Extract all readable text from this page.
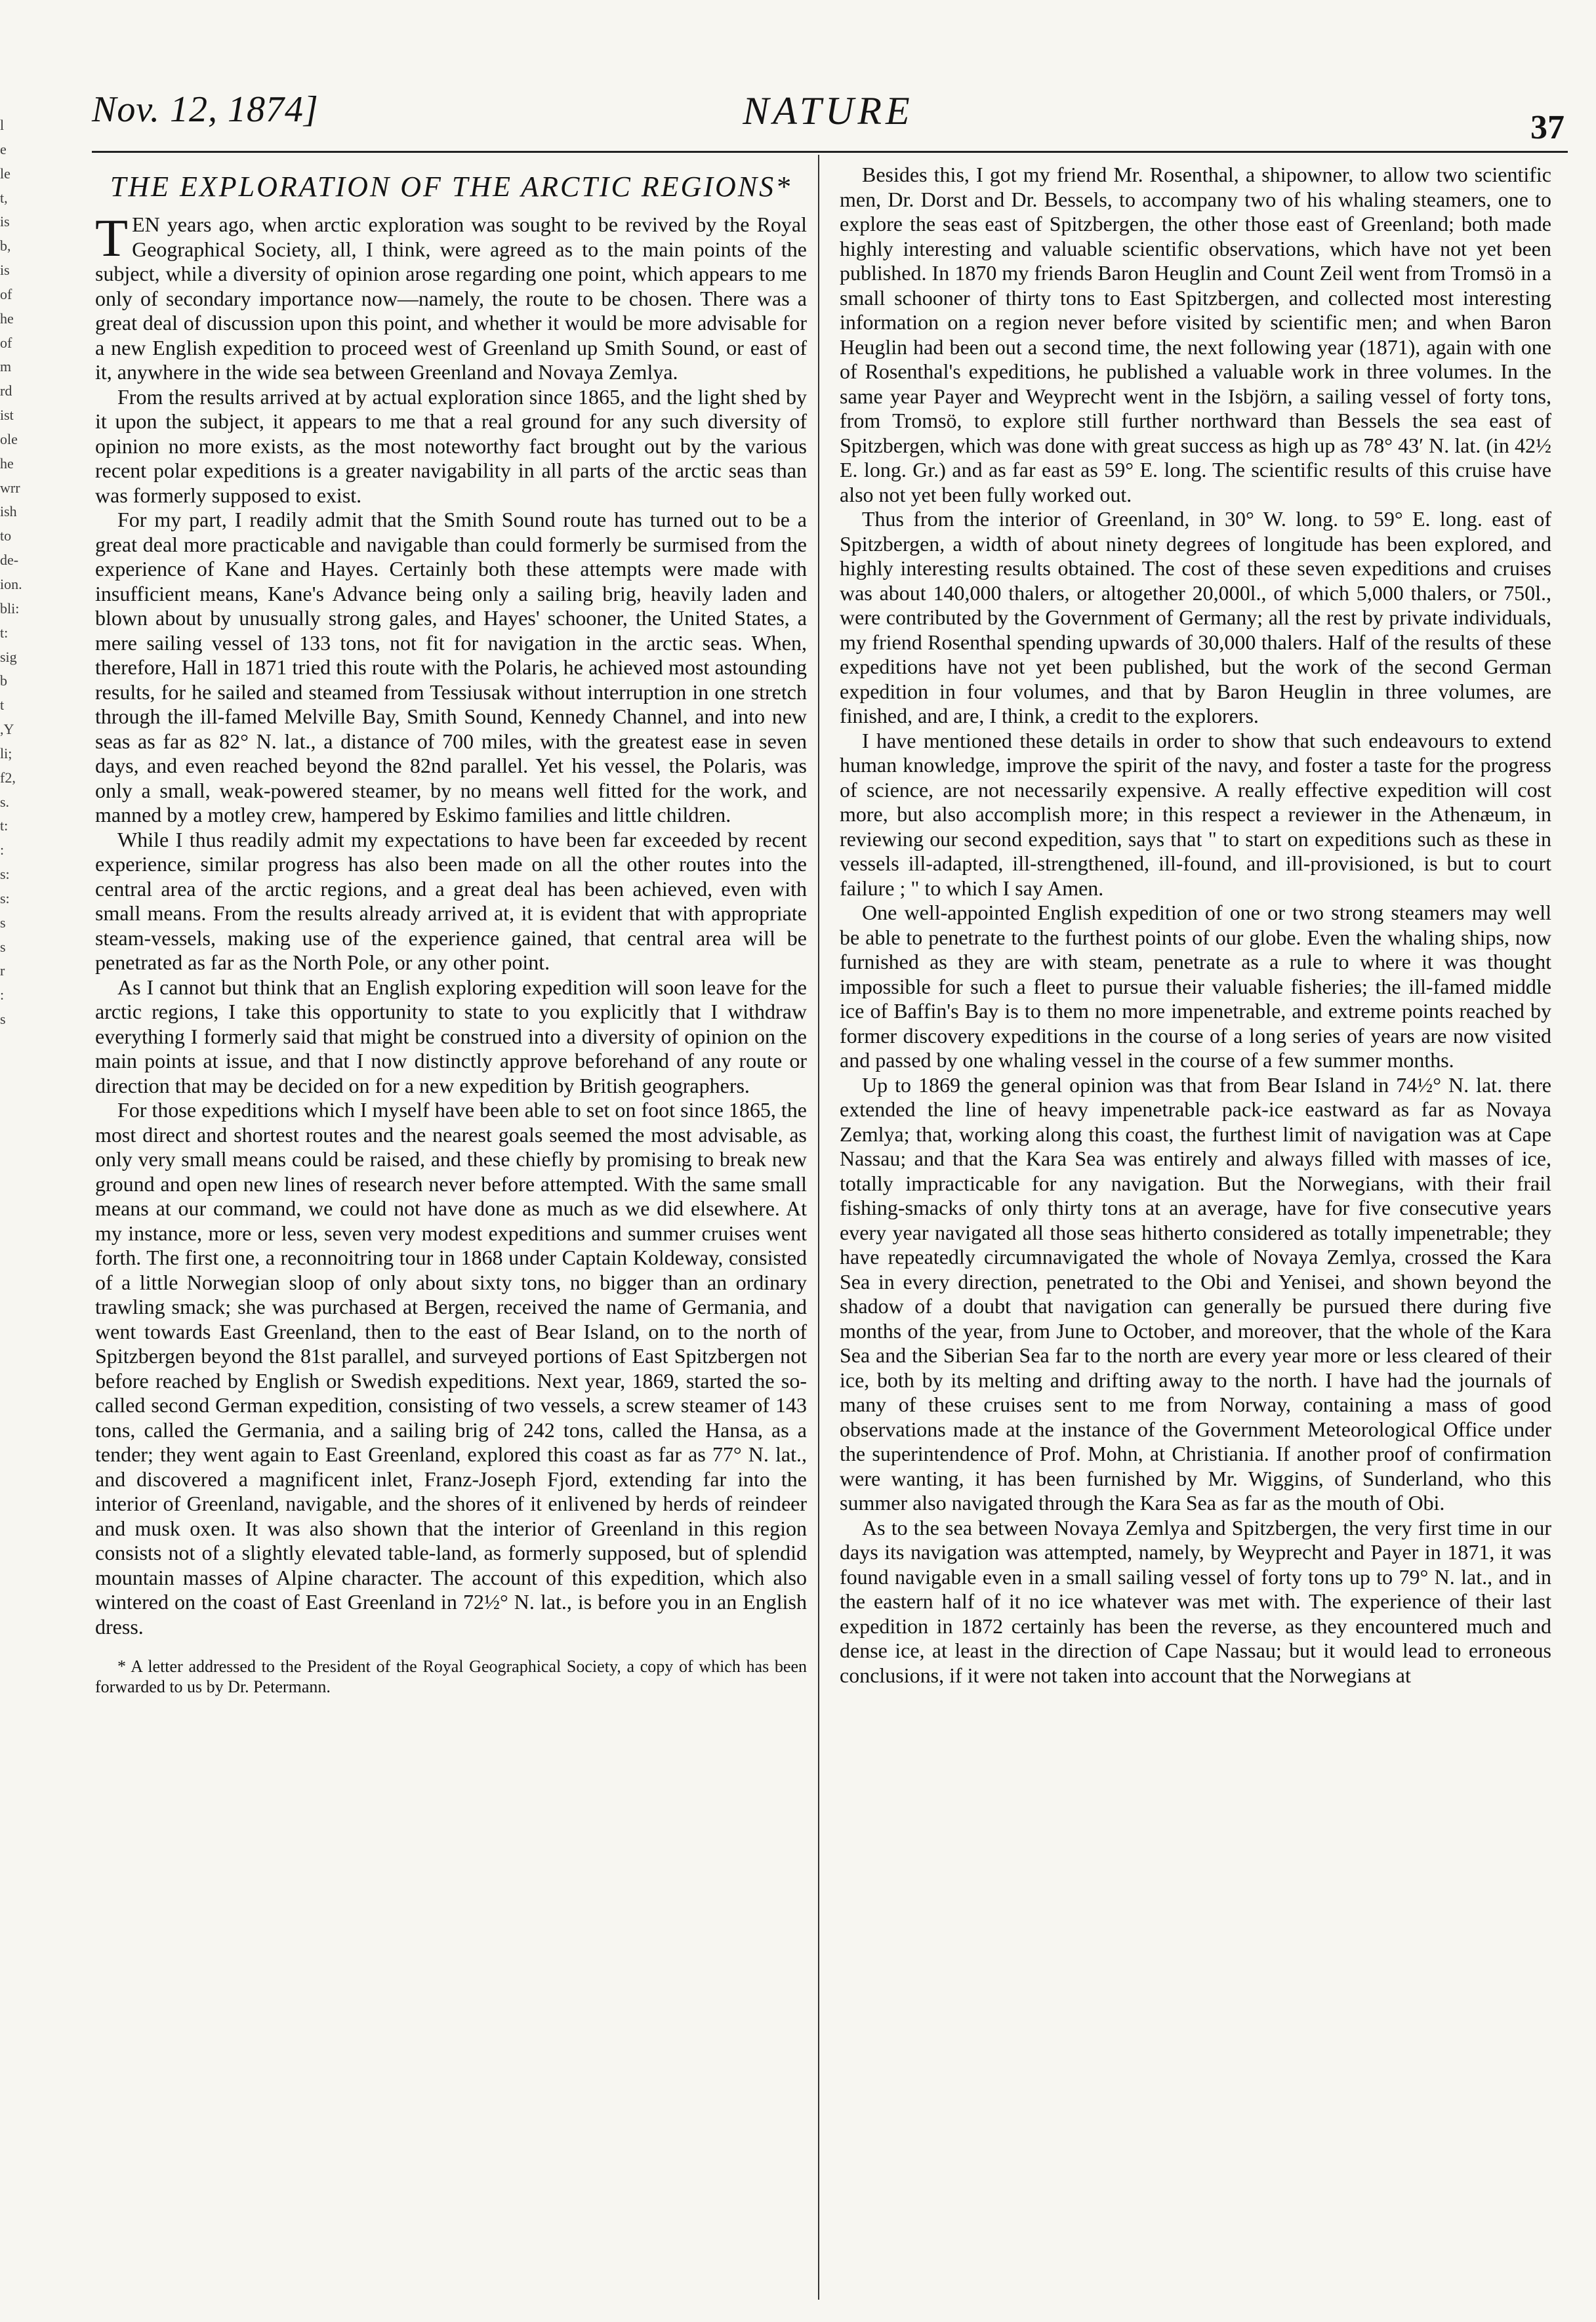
l
e
le
t,
is
b,
is
of
he
of
m
rd
ist
ole
he
wrr
ish
to
de-
ion.
bli:
t:
sig
b
t
,Y
li;
f2,
s.
t:
:
s:
s:
s
s
r
:
s
NATURE
Nov. 12, 1874]	37
THE EXPLORATION OF THE ARCTIC REGIONS*

TEN years ago, when arctic exploration was sought to be revived by the Royal Geographical Society, all, I think, were agreed as to the main points of the subject, while a diversity of opinion arose regarding one point, which appears to me only of secondary importance now—namely, the route to be chosen. There was a great deal of discussion upon this point, and whether it would be more advisable for a new English expedition to proceed west of Greenland up Smith Sound, or east of it, anywhere in the wide sea between Greenland and Novaya Zemlya.

From the results arrived at by actual exploration since 1865, and the light shed by it upon the subject, it appears to me that a real ground for any such diversity of opinion no more exists, as the most noteworthy fact brought out by the various recent polar expeditions is a greater navigability in all parts of the arctic seas than was formerly supposed to exist.

For my part, I readily admit that the Smith Sound route has turned out to be a great deal more practicable and navigable than could formerly be surmised from the experience of Kane and Hayes. Certainly both these attempts were made with insufficient means, Kane's Advance being only a sailing brig, heavily laden and blown about by unusually strong gales, and Hayes' schooner, the United States, a mere sailing vessel of 133 tons, not fit for navigation in the arctic seas. When, therefore, Hall in 1871 tried this route with the Polaris, he achieved most astounding results, for he sailed and steamed from Tessiusak without interruption in one stretch through the ill-famed Melville Bay, Smith Sound, Kennedy Channel, and into new seas as far as 82° N. lat., a distance of 700 miles, with the greatest ease in seven days, and even reached beyond the 82nd parallel. Yet his vessel, the Polaris, was only a small, weak-powered steamer, by no means well fitted for the work, and manned by a motley crew, hampered by Eskimo families and little children.

While I thus readily admit my expectations to have been far exceeded by recent experience, similar progress has also been made on all the other routes into the central area of the arctic regions, and a great deal has been achieved, even with small means. From the results already arrived at, it is evident that with appropriate steam-vessels, making use of the experience gained, that central area will be penetrated as far as the North Pole, or any other point.

As I cannot but think that an English exploring expedition will soon leave for the arctic regions, I take this opportunity to state to you explicitly that I withdraw everything I formerly said that might be construed into a diversity of opinion on the main points at issue, and that I now distinctly approve beforehand of any route or direction that may be decided on for a new expedition by British geographers.

For those expeditions which I myself have been able to set on foot since 1865, the most direct and shortest routes and the nearest goals seemed the most advisable, as only very small means could be raised, and these chiefly by promising to break new ground and open new lines of research never before attempted. With the same small means at our command, we could not have done as much as we did elsewhere. At my instance, more or less, seven very modest expeditions and summer cruises went forth. The first one, a reconnoitring tour in 1868 under Captain Koldeway, consisted of a little Norwegian sloop of only about sixty tons, no bigger than an ordinary trawling smack; she was purchased at Bergen, received the name of Germania, and went towards East Greenland, then to the east of Bear Island, on to the north of Spitzbergen beyond the 81st parallel, and surveyed portions of East Spitzbergen not before reached by English or Swedish expeditions. Next year, 1869, started the so-called second German expedition, consisting of two vessels, a screw steamer of 143 tons, called the Germania, and a sailing brig of 242 tons, called the Hansa, as a tender; they went again to East Greenland, explored this coast as far as 77° N. lat., and discovered a magnificent inlet, Franz-Joseph Fjord, extending far into the interior of Greenland, navigable, and the shores of it enlivened by herds of reindeer and musk oxen. It was also shown that the interior of Greenland in this region consists not of a slightly elevated table-land, as formerly supposed, but of splendid mountain masses of Alpine character. The account of this expedition, which also wintered on the coast of East Greenland in 72½° N. lat., is before you in an English dress.

* A letter addressed to the President of the Royal Geographical Society, a copy of which has been forwarded to us by Dr. Petermann.

Besides this, I got my friend Mr. Rosenthal, a shipowner, to allow two scientific men, Dr. Dorst and Dr. Bessels, to accompany two of his whaling steamers, one to explore the seas east of Spitzbergen, the other those east of Greenland; both made highly interesting and valuable scientific observations, which have not yet been published. In 1870 my friends Baron Heuglin and Count Zeil went from Tromsö in a small schooner of thirty tons to East Spitzbergen, and collected most interesting information on a region never before visited by scientific men; and when Baron Heuglin had been out a second time, the next following year (1871), again with one of Rosenthal's expeditions, he published a valuable work in three volumes. In the same year Payer and Weyprecht went in the Isbjörn, a sailing vessel of forty tons, from Tromsö, to explore still further northward than Bessels the sea east of Spitzbergen, which was done with great success as high up as 78° 43′ N. lat. (in 42½ E. long. Gr.) and as far east as 59° E. long. The scientific results of this cruise have also not yet been fully worked out.

Thus from the interior of Greenland, in 30° W. long. to 59° E. long. east of Spitzbergen, a width of about ninety degrees of longitude has been explored, and highly interesting results obtained. The cost of these seven expeditions and cruises was about 140,000 thalers, or altogether 20,000l., of which 5,000 thalers, or 750l., were contributed by the Government of Germany; all the rest by private individuals, my friend Rosenthal spending upwards of 30,000 thalers. Half of the results of these expeditions have not yet been published, but the work of the second German expedition in four volumes, and that by Baron Heuglin in three volumes, are finished, and are, I think, a credit to the explorers.

I have mentioned these details in order to show that such endeavours to extend human knowledge, improve the spirit of the navy, and foster a taste for the progress of science, are not necessarily expensive. A really effective expedition will cost more, but also accomplish more; in this respect a reviewer in the Athenæum, in reviewing our second expedition, says that " to start on expeditions such as these in vessels ill-adapted, ill-strengthened, ill-found, and ill-provisioned, is but to court failure ; " to which I say Amen.

One well-appointed English expedition of one or two strong steamers may well be able to penetrate to the furthest points of our globe. Even the whaling ships, now furnished as they are with steam, penetrate as a rule to where it was thought impossible for such a fleet to pursue their valuable fisheries; the ill-famed middle ice of Baffin's Bay is to them no more impenetrable, and extreme points reached by former discovery expeditions in the course of a long series of years are now visited and passed by one whaling vessel in the course of a few summer months.

Up to 1869 the general opinion was that from Bear Island in 74½° N. lat. there extended the line of heavy impenetrable pack-ice eastward as far as Novaya Zemlya; that, working along this coast, the furthest limit of navigation was at Cape Nassau; and that the Kara Sea was entirely and always filled with masses of ice, totally impracticable for any navigation. But the Norwegians, with their frail fishing-smacks of only thirty tons at an average, have for five consecutive years every year navigated all those seas hitherto considered as totally impenetrable; they have repeatedly circumnavigated the whole of Novaya Zemlya, crossed the Kara Sea in every direction, penetrated to the Obi and Yenisei, and shown beyond the shadow of a doubt that navigation can generally be pursued there during five months of the year, from June to October, and moreover, that the whole of the Kara Sea and the Siberian Sea far to the north are every year more or less cleared of their ice, both by its melting and drifting away to the north. I have had the journals of many of these cruises sent to me from Norway, containing a mass of good observations made at the instance of the Government Meteorological Office under the superintendence of Prof. Mohn, at Christiania. If another proof of confirmation were wanting, it has been furnished by Mr. Wiggins, of Sunderland, who this summer also navigated through the Kara Sea as far as the mouth of Obi.

As to the sea between Novaya Zemlya and Spitzbergen, the very first time in our days its navigation was attempted, namely, by Weyprecht and Payer in 1871, it was found navigable even in a small sailing vessel of forty tons up to 79° N. lat., and in the eastern half of it no ice whatever was met with. The experience of their last expedition in 1872 certainly has been the reverse, as they encountered much and dense ice, at least in the direction of Cape Nassau; but it would lead to erroneous conclusions, if it were not taken into account that the Norwegians at
